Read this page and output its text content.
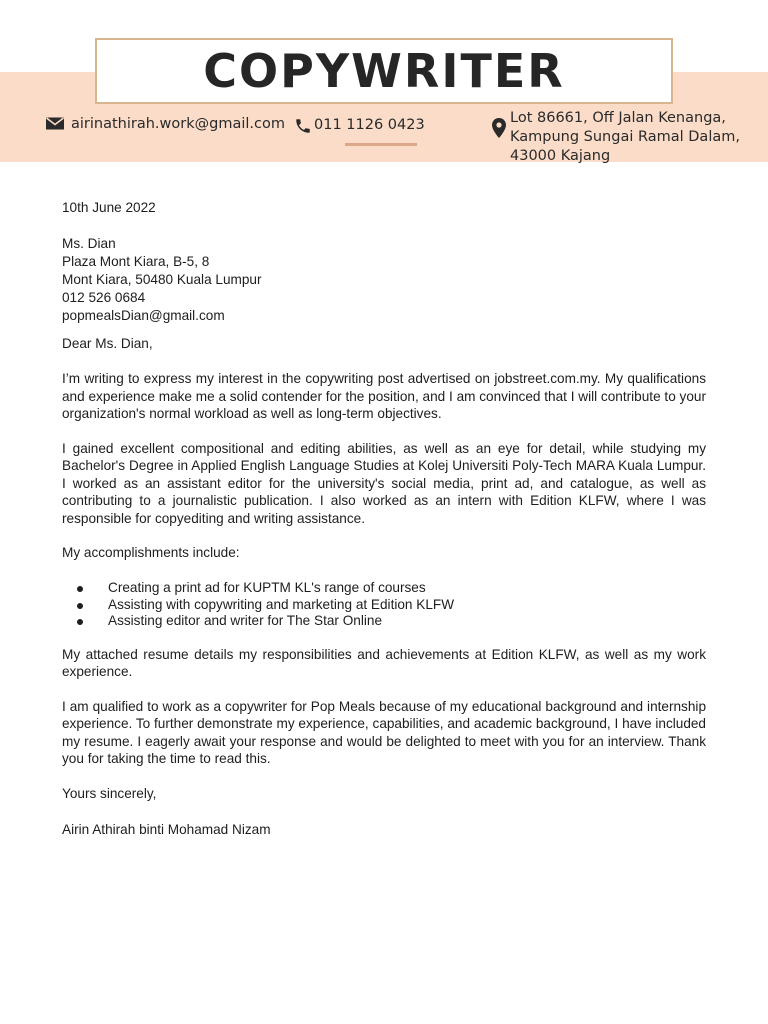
COPYWRITER
airinathirah.work@gmail.com 011 1126 0423	Lot 86661, Off Jalan Kenanga,
Kampung Sungai Ramal Dalam,
43000 Kajang

10th June 2022

Ms. Dian
Plaza Mont Kiara, B-5, 8
Mont Kiara, 50480 Kuala Lumpur
012 526 0684
popmealsDian@gmail.com

Dear Ms. Dian,

I’m writing to express my interest in the copywriting post advertised on jobstreet.com.my. My qualifications and experience make me a solid contender for the position, and I am convinced that I will contribute to your organization's normal workload as well as long-term objectives.

I gained excellent compositional and editing abilities, as well as an eye for detail, while studying my Bachelor's Degree in Applied English Language Studies at Kolej Universiti Poly-Tech MARA Kuala Lumpur. I worked as an assistant editor for the university's social media, print ad, and catalogue, as well as contributing to a journalistic publication. I also worked as an intern with Edition KLFW, where I was responsible for copyediting and writing assistance.

My accomplishments include:

Creating a print ad for KUPTM KL's range of courses
Assisting with copywriting and marketing at Edition KLFW
Assisting editor and writer for The Star Online

My attached resume details my responsibilities and achievements at Edition KLFW, as well as my work experience.

I am qualified to work as a copywriter for Pop Meals because of my educational background and internship experience. To further demonstrate my experience, capabilities, and academic background, I have included my resume. I eagerly await your response and would be delighted to meet with you for an interview. Thank you for taking the time to read this.

Yours sincerely,

Airin Athirah binti Mohamad Nizam
